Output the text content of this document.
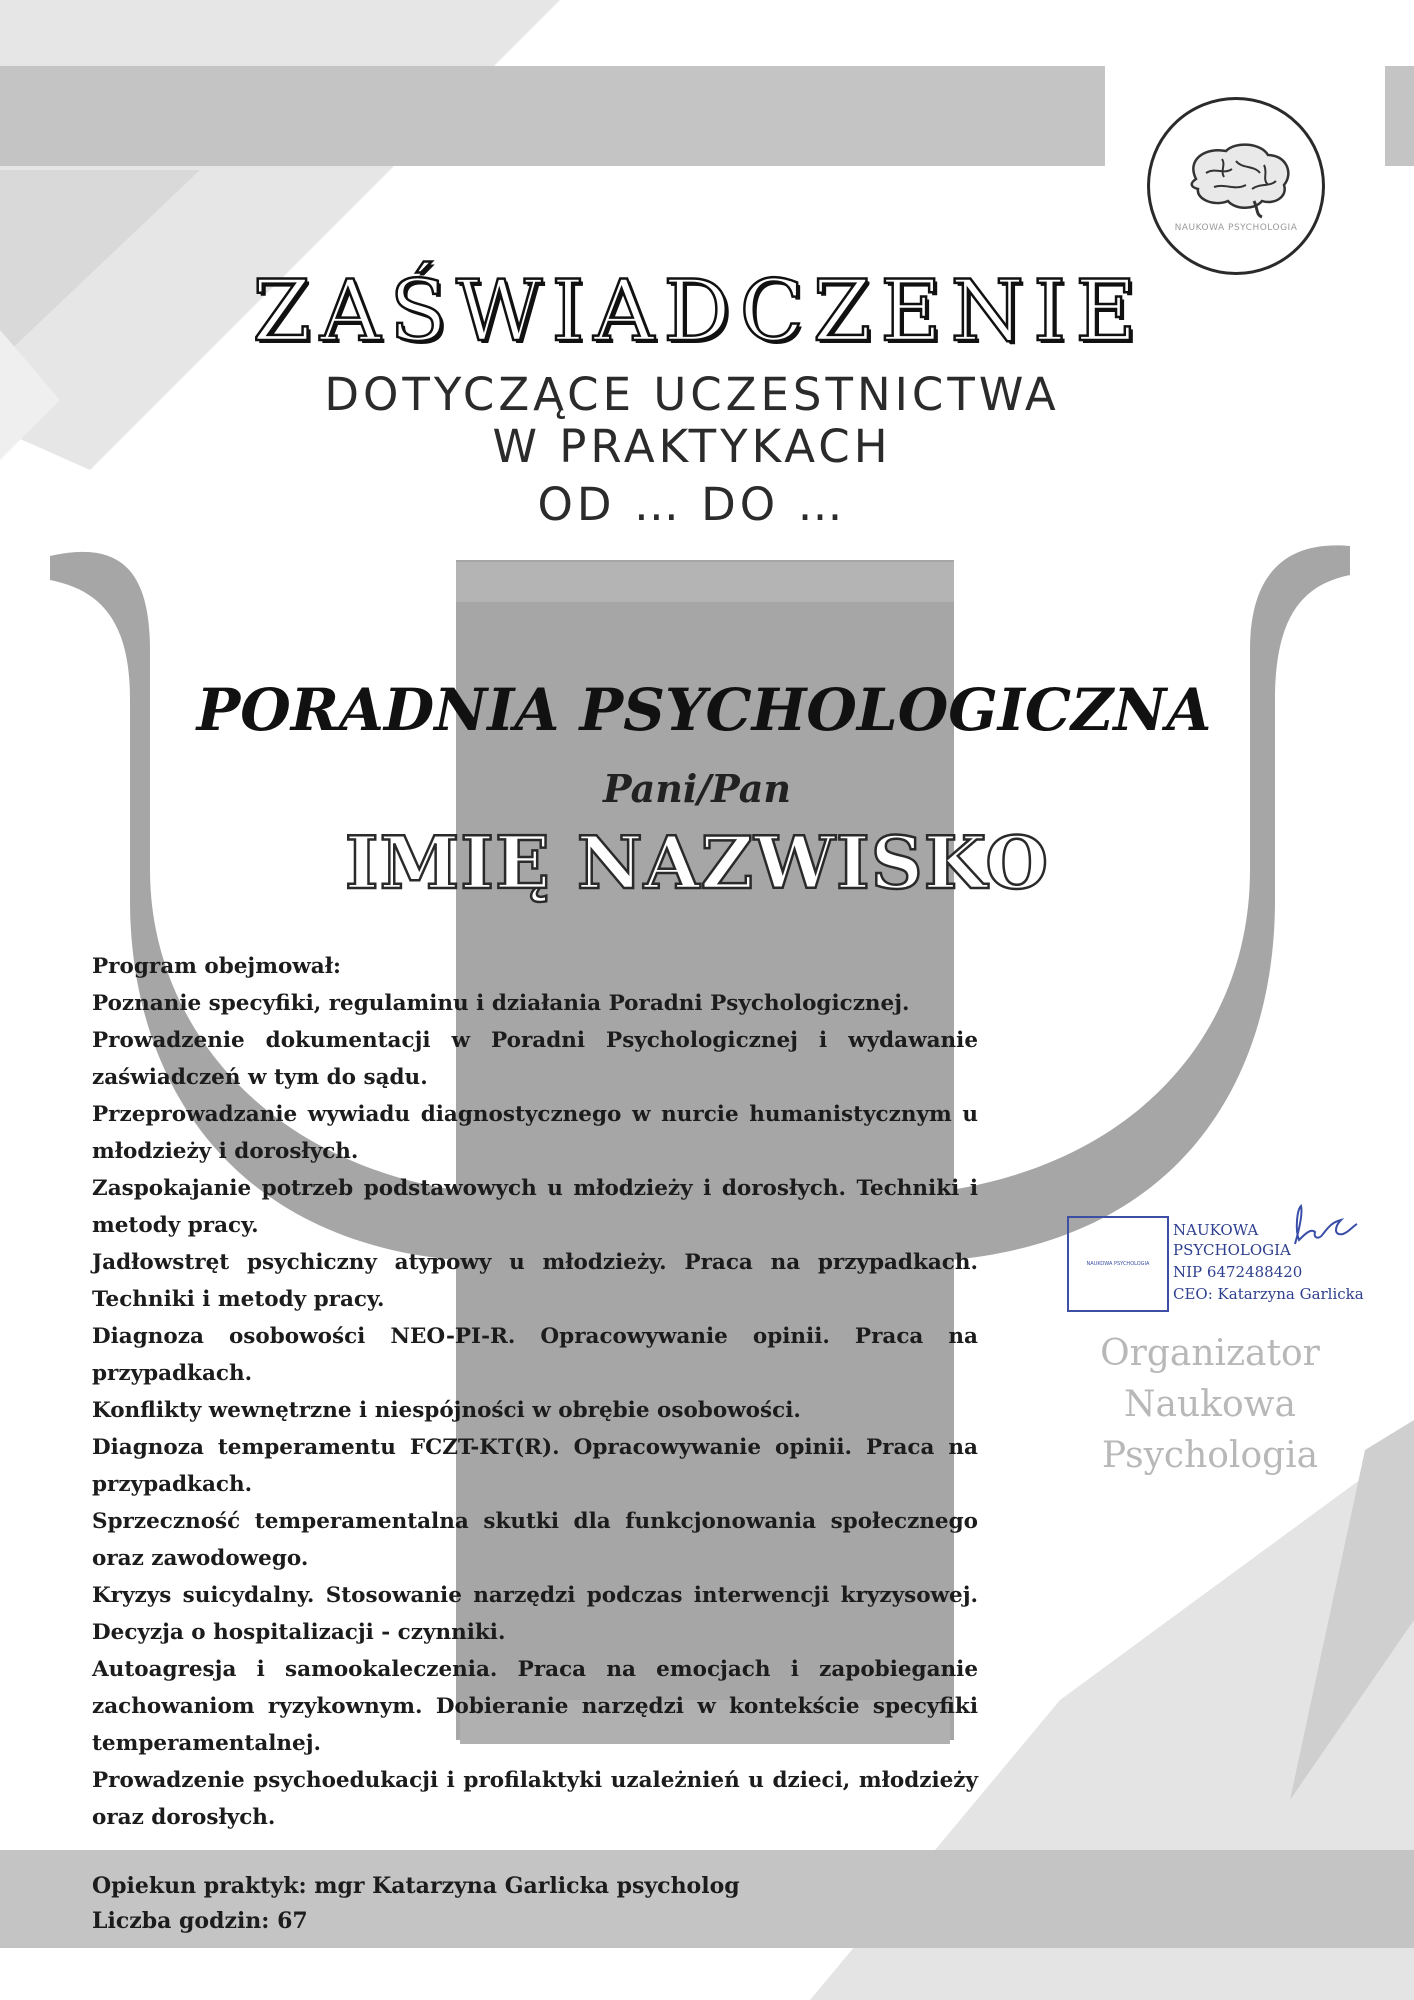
NAUKOWA PSYCHOLOGIA
ZAŚWIADCZENIE
DOTYCZĄCE UCZESTNICTWA
W PRAKTYKACH
OD … DO …
PORADNIA PSYCHOLOGICZNA
Pani/Pan
IMIĘ NAZWISKO
Program obejmował:
Poznanie specyfiki, regulaminu i działania Poradni Psychologicznej.
Prowadzenie dokumentacji w Poradni Psychologicznej i wydawanie zaświadczeń w tym do sądu.
Przeprowadzanie wywiadu diagnostycznego w nurcie humanistycznym u młodzieży i dorosłych.
Zaspokajanie potrzeb podstawowych u młodzieży i dorosłych. Techniki i metody pracy.
Jadłowstręt psychiczny atypowy u młodzieży. Praca na przypadkach. Techniki i metody pracy.
Diagnoza osobowości NEO-PI-R. Opracowywanie opinii. Praca na przypadkach.
Konflikty wewnętrzne i niespójności w obrębie osobowości.
Diagnoza temperamentu FCZT-KT(R). Opracowywanie opinii. Praca na przypadkach.
Sprzeczność temperamentalna skutki dla funkcjonowania społecznego oraz zawodowego.
Kryzys suicydalny. Stosowanie narzędzi podczas interwencji kryzysowej. Decyzja o hospitalizacji - czynniki.
Autoagresja i samookaleczenia. Praca na emocjach i zapobieganie zachowaniom ryzykownym. Dobieranie narzędzi w kontekście specyfiki temperamentalnej.
Prowadzenie psychoedukacji i profilaktyki uzależnień u dzieci, młodzieży oraz dorosłych.
NAUKOWA PSYCHOLOGIA
NAUKOWA
PSYCHOLOGIA
NIP 6472488420
CEO: Katarzyna Garlicka
Organizator
Naukowa
Psychologia
Opiekun praktyk: mgr Katarzyna Garlicka psycholog
Liczba godzin: 67
